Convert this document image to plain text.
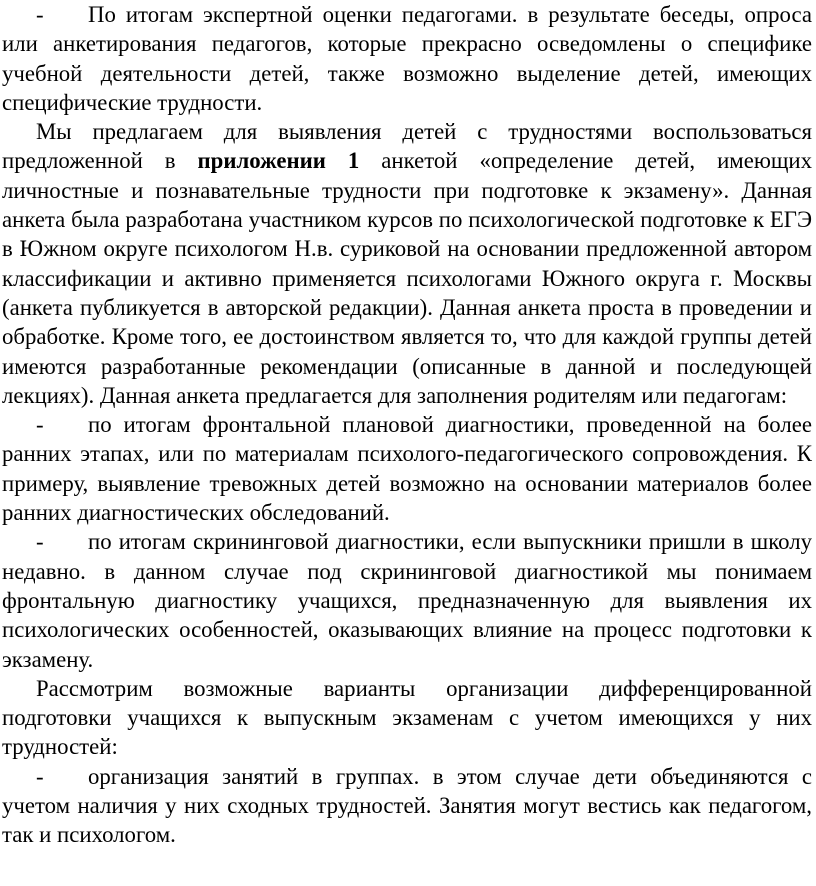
- По итогам экспертной оценки педагогами. в результате беседы, опроса или анкетирования педагогов, которые прекрасно осведомлены о специфике учебной деятельности детей, также возможно выделение детей, имеющих специфические трудности.

Мы предлагаем для выявления детей с трудностями воспользоваться предложенной в приложении 1 анкетой «определение детей, имеющих личностные и познавательные трудности при подготовке к экзамену». Данная анкета была разработана участником курсов по психологической подготовке к ЕГЭ в Южном округе психологом Н.в. суриковой на основании предложенной автором классификации и активно применяется психологами Южного округа г. Москвы (анкета публикуется в авторской редакции). Данная анкета проста в проведении и обработке. Кроме того, ее достоинством является то, что для каждой группы детей имеются разработанные рекомендации (описанные в данной и последующей лекциях). Данная анкета предлагается для заполнения родителям или педагогам:

- по итогам фронтальной плановой диагностики, проведенной на более ранних этапах, или по материалам психолого-педагогического сопровождения. К примеру, выявление тревожных детей возможно на основании материалов более ранних диагностических обследований.

- по итогам скрининговой диагностики, если выпускники пришли в школу недавно. в данном случае под скрининговой диагностикой мы понимаем фронтальную диагностику учащихся, предназначенную для выявления их психологических особенностей, оказывающих влияние на процесс подготовки к экзамену.

Рассмотрим возможные варианты организации дифференцированной подготовки учащихся к выпускным экзаменам с учетом имеющихся у них трудностей:

- организация занятий в группах. в этом случае дети объединяются с учетом наличия у них сходных трудностей. Занятия могут вестись как педагогом, так и психологом.
